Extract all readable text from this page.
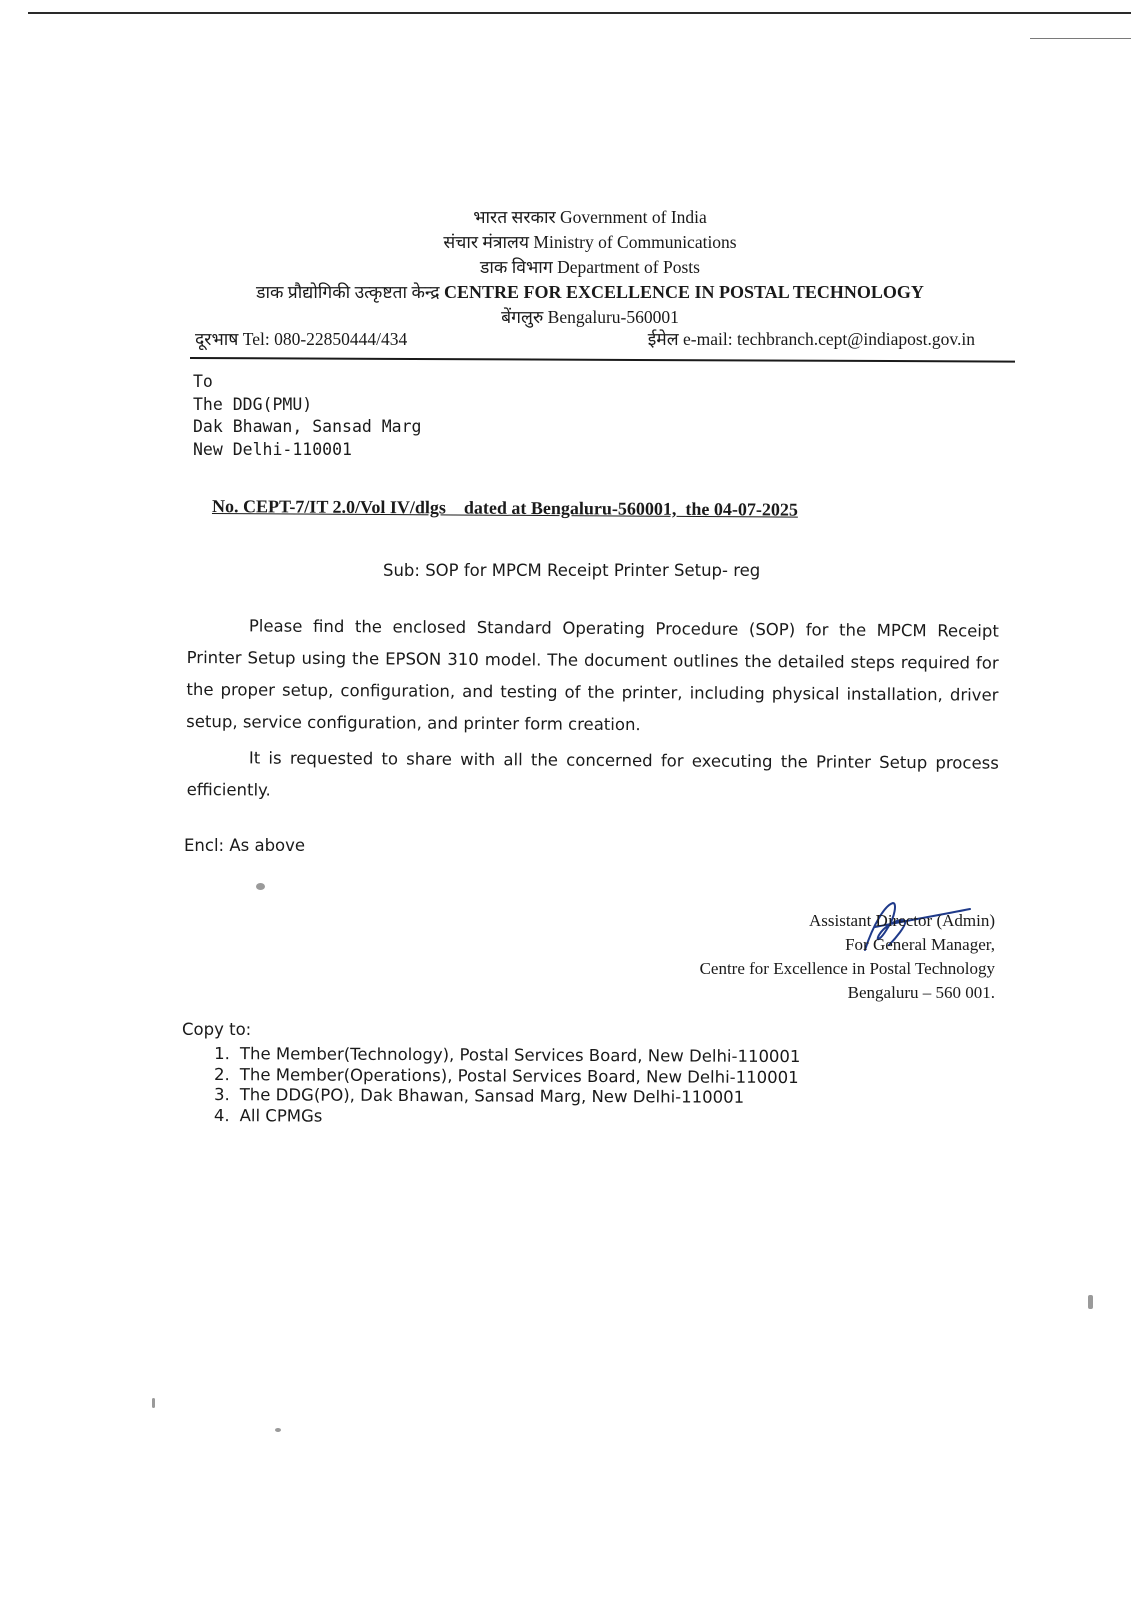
भारत सरकार Government of India
संचार मंत्रालय Ministry of Communications
डाक विभाग Department of Posts
डाक प्रौद्योगिकी उत्कृष्टता केन्द्र CENTRE FOR EXCELLENCE IN POSTAL TECHNOLOGY
बेंगलुरु Bengaluru-560001
दूरभाष Tel: 080-22850444/434	ईमेल e-mail: techbranch.cept@indiapost.gov.in
To
The DDG(PMU)
Dak Bhawan, Sansad Marg
New Delhi-110001
No. CEPT-7/IT 2.0/Vol IV/dlgs    dated at Bengaluru-560001,  the 04-07-2025
Sub: SOP for MPCM Receipt Printer Setup- reg
Please find the enclosed Standard Operating Procedure (SOP) for the MPCM Receipt Printer Setup using the EPSON 310 model. The document outlines the detailed steps required for the proper setup, configuration, and testing of the printer, including physical installation, driver setup, service configuration, and printer form creation.
It is requested to share with all the concerned for executing the Printer Setup process efficiently.
Encl: As above
Assistant Director (Admin)
For General Manager,
Centre for Excellence in Postal Technology
Bengaluru – 560 001.
Copy to:
1. The Member(Technology), Postal Services Board, New Delhi-110001
2. The Member(Operations), Postal Services Board, New Delhi-110001
3. The DDG(PO), Dak Bhawan, Sansad Marg, New Delhi-110001
4. All CPMGs
